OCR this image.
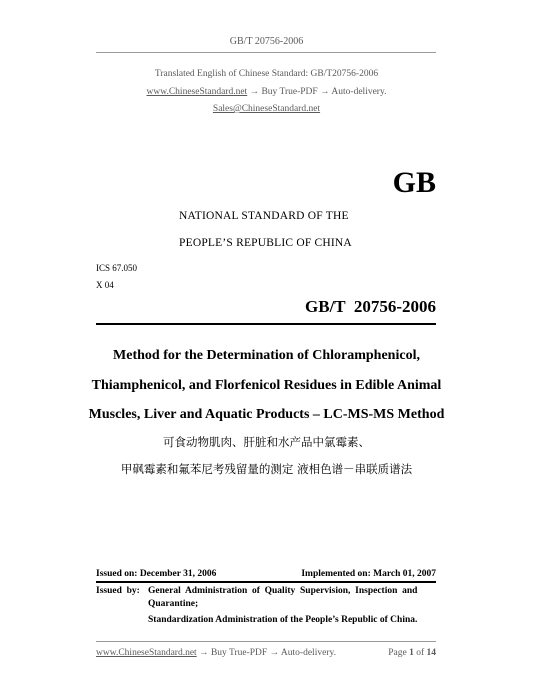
GB/T 20756-2006
Translated English of Chinese Standard: GB/T20756-2006
www.ChineseStandard.net → Buy True-PDF → Auto-delivery.
Sales@ChineseStandard.net
GB
NATIONAL STANDARD OF THE
PEOPLE’S REPUBLIC OF CHINA
ICS 67.050
X 04
GB/T  20756-2006
Method for the Determination of Chloramphenicol,
Thiamphenicol, and Florfenicol Residues in Edible Animal
Muscles, Liver and Aquatic Products – LC-MS-MS Method
可食动物肌肉、肝脏和水产品中氯霉素、
甲砜霉素和氟苯尼考残留量的测定 液相色谱－串联质谱法
Issued on: December 31, 2006	Implemented on: March 01, 2007
Issued  by: General  Administration  of  Quality  Supervision,  Inspection  and
Quarantine;
Standardization Administration of the People’s Republic of China.
www.ChineseStandard.net → Buy True-PDF → Auto-delivery.	Page 1 of 14
